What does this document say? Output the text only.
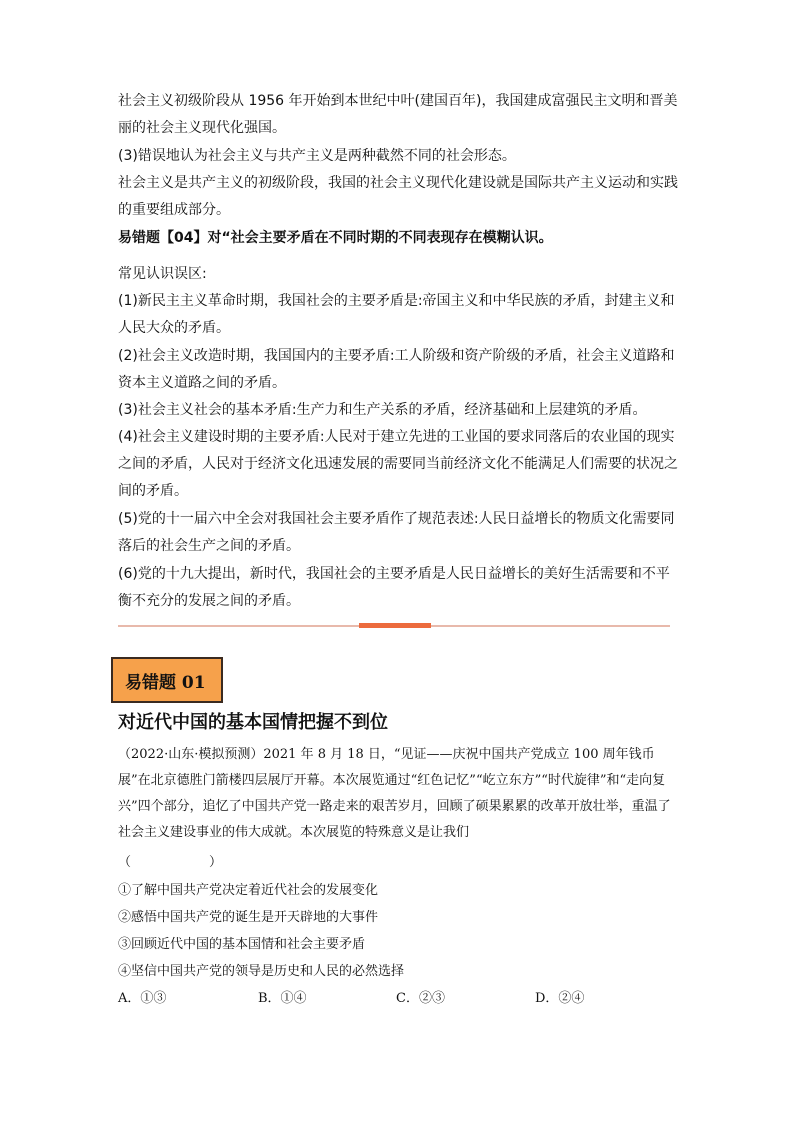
社会主义初级阶段从 1956 年开始到本世纪中叶(建国百年)，我国建成富强民主文明和晋美丽的社会主义现代化强国。

(3)错误地认为社会主义与共产主义是两种截然不同的社会形态。

社会主义是共产主义的初级阶段，我国的社会主义现代化建设就是国际共产主义运动和实践的重要组成部分。

易错题【04】对“社会主要矛盾在不同时期的不同表现存在模糊认识。

常见认识误区:

(1)新民主主义革命时期，我国社会的主要矛盾是:帝国主义和中华民族的矛盾，封建主义和人民大众的矛盾。

(2)社会主义改造时期，我国国内的主要矛盾:工人阶级和资产阶级的矛盾，社会主义道路和资本主义道路之间的矛盾。

(3)社会主义社会的基本矛盾:生产力和生产关系的矛盾，经济基础和上层建筑的矛盾。

(4)社会主义建设时期的主要矛盾:人民对于建立先进的工业国的要求同落后的农业国的现实之间的矛盾，人民对于经济文化迅速发展的需要同当前经济文化不能满足人们需要的状况之间的矛盾。

(5)党的十一届六中全会对我国社会主要矛盾作了规范表述:人民日益增长的物质文化需要同落后的社会生产之间的矛盾。

(6)党的十九大提出，新时代，我国社会的主要矛盾是人民日益增长的美好生活需要和不平衡不充分的发展之间的矛盾。

易错题 01
对近代中国的基本国情把握不到位

（2022·山东·模拟预测）2021 年 8 月 18 日，“见证——庆祝中国共产党成立 100 周年钱币展”在北京德胜门箭楼四层展厅开幕。本次展览通过“红色记忆”“屹立东方”“时代旋律”和“走向复兴”四个部分，追忆了中国共产党一路走来的艰苦岁月，回顾了硕果累累的改革开放壮举，重温了社会主义建设事业的伟大成就。本次展览的特殊意义是让我们

（　　　　　　）

①了解中国共产党决定着近代社会的发展变化

②感悟中国共产党的诞生是开天辟地的大事件

③回顾近代中国的基本国情和社会主要矛盾

④坚信中国共产党的领导是历史和人民的必然选择

A．①③	B．①④	C．②③	D．②④
